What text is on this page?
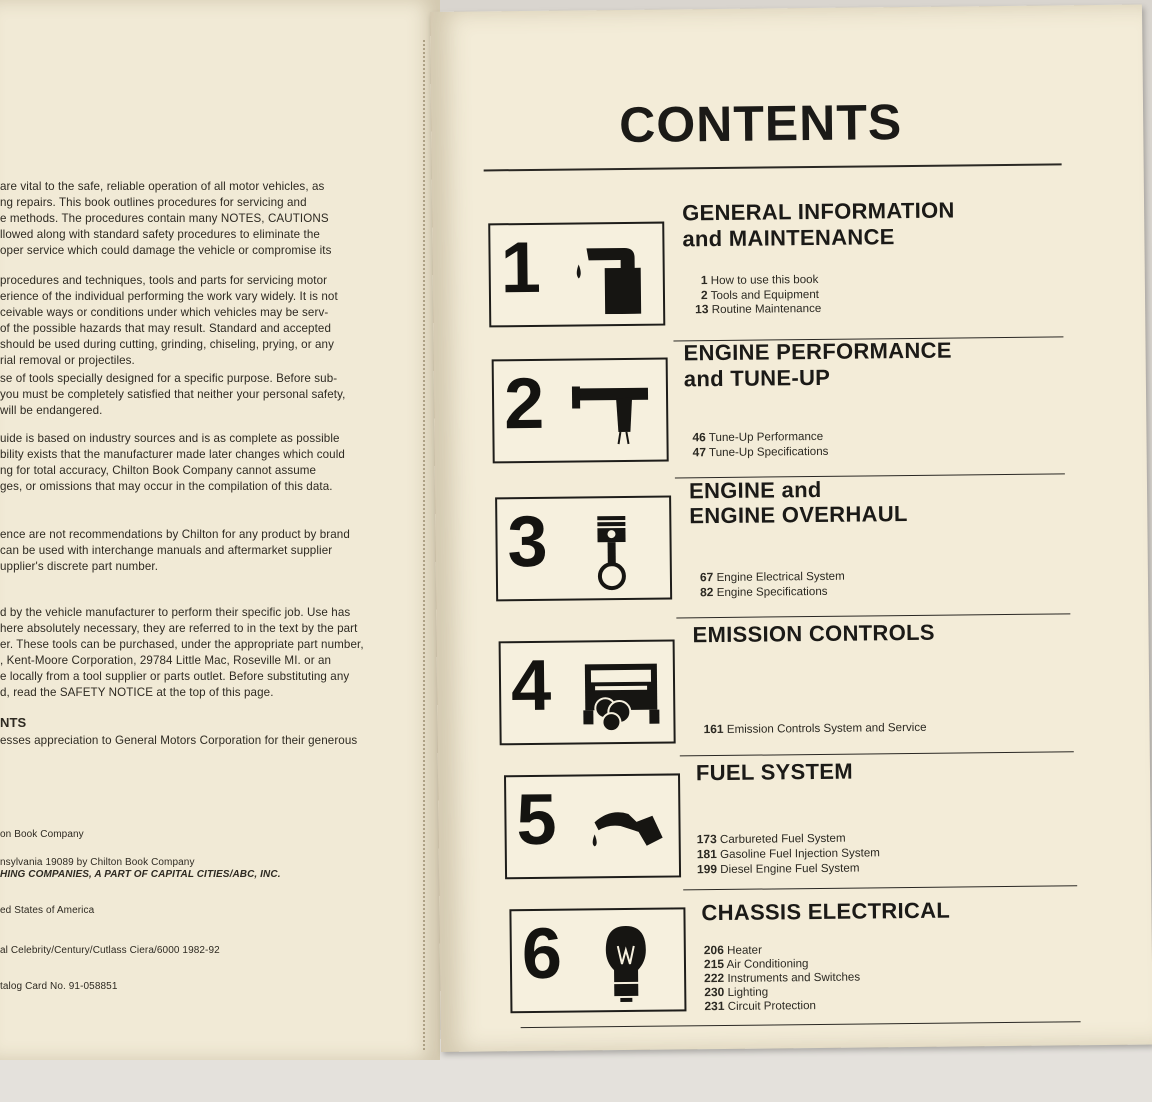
are vital to the safe, reliable operation of all motor vehicles, as
ng repairs. This book outlines procedures for servicing and
e methods. The procedures contain many NOTES, CAUTIONS
llowed along with standard safety procedures to eliminate the
oper service which could damage the vehicle or compromise its
procedures and techniques, tools and parts for servicing motor
erience of the individual performing the work vary widely. It is not
ceivable ways or conditions under which vehicles may be serv-
of the possible hazards that may result. Standard and accepted
should be used during cutting, grinding, chiseling, prying, or any
rial removal or projectiles.
se of tools specially designed for a specific purpose. Before sub-
you must be completely satisfied that neither your personal safety,
will be endangered.
uide is based on industry sources and is as complete as possible
bility exists that the manufacturer made later changes which could
ng for total accuracy, Chilton Book Company cannot assume
ges, or omissions that may occur in the compilation of this data.
ence are not recommendations by Chilton for any product by brand
can be used with interchange manuals and aftermarket supplier
upplier's discrete part number.
d by the vehicle manufacturer to perform their specific job. Use has
here absolutely necessary, they are referred to in the text by the part
er. These tools can be purchased, under the appropriate part number,
, Kent-Moore Corporation, 29784 Little Mac, Roseville MI. or an
e locally from a tool supplier or parts outlet. Before substituting any
d, read the SAFETY NOTICE at the top of this page.
NTS
esses appreciation to General Motors Corporation for their generous
on Book Company
nsylvania 19089 by Chilton Book Company
HING COMPANIES, A PART OF CAPITAL CITIES/ABC, INC.
ed States of America
al Celebrity/Century/Cutlass Ciera/6000 1982-92
talog Card No. 91-058851
CONTENTS
1
GENERAL INFORMATION
and MAINTENANCE
1 How to use this book
2 Tools and Equipment
13 Routine Maintenance
2
ENGINE PERFORMANCE
and TUNE-UP
46 Tune-Up Performance
47 Tune-Up Specifications
3
ENGINE and
ENGINE OVERHAUL
67 Engine Electrical System
82 Engine Specifications
4
EMISSION CONTROLS
161 Emission Controls System and Service
5
FUEL SYSTEM
173 Carbureted Fuel System
181 Gasoline Fuel Injection System
199 Diesel Engine Fuel System
6
CHASSIS ELECTRICAL
206 Heater
215 Air Conditioning
222 Instruments and Switches
230 Lighting
231 Circuit Protection
